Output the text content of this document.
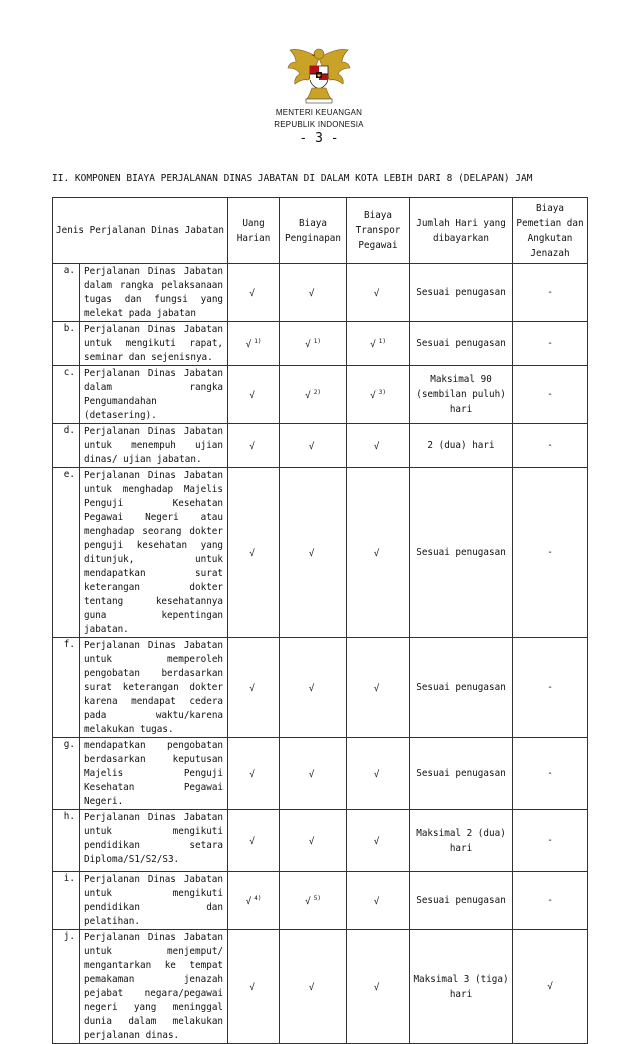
MENTERI KEUANGAN
REPUBLIK INDONESIA
- 3 -
II. KOMPONEN BIAYA PERJALANAN DINAS JABATAN DI DALAM KOTA LEBIH DARI 8 (DELAPAN) JAM
Jenis Perjalanan Dinas Jabatan		Uang Harian	Biaya Penginapan	Biaya Transpor Pegawai	Jumlah Hari yang dibayarkan	Biaya Pemetian dan Angkutan Jenazah
a.	Perjalanan Dinas Jabatan dalam rangka pelaksanaan tugas dan fungsi yang melekat pada jabatan	√	√	√	Sesuai penugasan	-
b.	Perjalanan Dinas Jabatan untuk mengikuti rapat, seminar dan sejenisnya.	√ $^{1)}$	√ $^{1)}$	√ $^{1)}$	Sesuai penugasan	-
c.	Perjalanan Dinas Jabatan dalam rangka Pengumandahan (detasering).	√	√ $^{2)}$	√ $^{3)}$	Maksimal 90 (sembilan puluh) hari	-
d.	Perjalanan Dinas Jabatan untuk menempuh ujian dinas/ ujian jabatan.	√	√	√	2 (dua) hari	-
e.	Perjalanan Dinas Jabatan untuk menghadap Majelis Penguji Kesehatan Pegawai Negeri atau menghadap seorang dokter penguji kesehatan yang ditunjuk, untuk mendapatkan surat keterangan dokter tentang kesehatannya guna kepentingan jabatan.	√	√	√	Sesuai penugasan	-
f.	Perjalanan Dinas Jabatan untuk memperoleh pengobatan berdasarkan surat keterangan dokter karena mendapat cedera pada waktu/karena melakukan tugas.	√	√	√	Sesuai penugasan	-
g.	mendapatkan pengobatan berdasarkan keputusan Majelis Penguji Kesehatan Pegawai Negeri.	√	√	√	Sesuai penugasan	-
h.	Perjalanan Dinas Jabatan untuk mengikuti pendidikan setara Diploma/S1/S2/S3.	√	√	√	Maksimal 2 (dua) hari	-
i.	Perjalanan Dinas Jabatan untuk mengikuti pendidikan dan pelatihan.	√ $^{4)}$	√ $^{5)}$	√	Sesuai penugasan	-
j.	Perjalanan Dinas Jabatan untuk menjemput/ mengantarkan ke tempat pemakaman jenazah pejabat negara/pegawai negeri yang meninggal dunia dalam melakukan perjalanan dinas.	√	√	√	Maksimal 3 (tiga) hari	√
